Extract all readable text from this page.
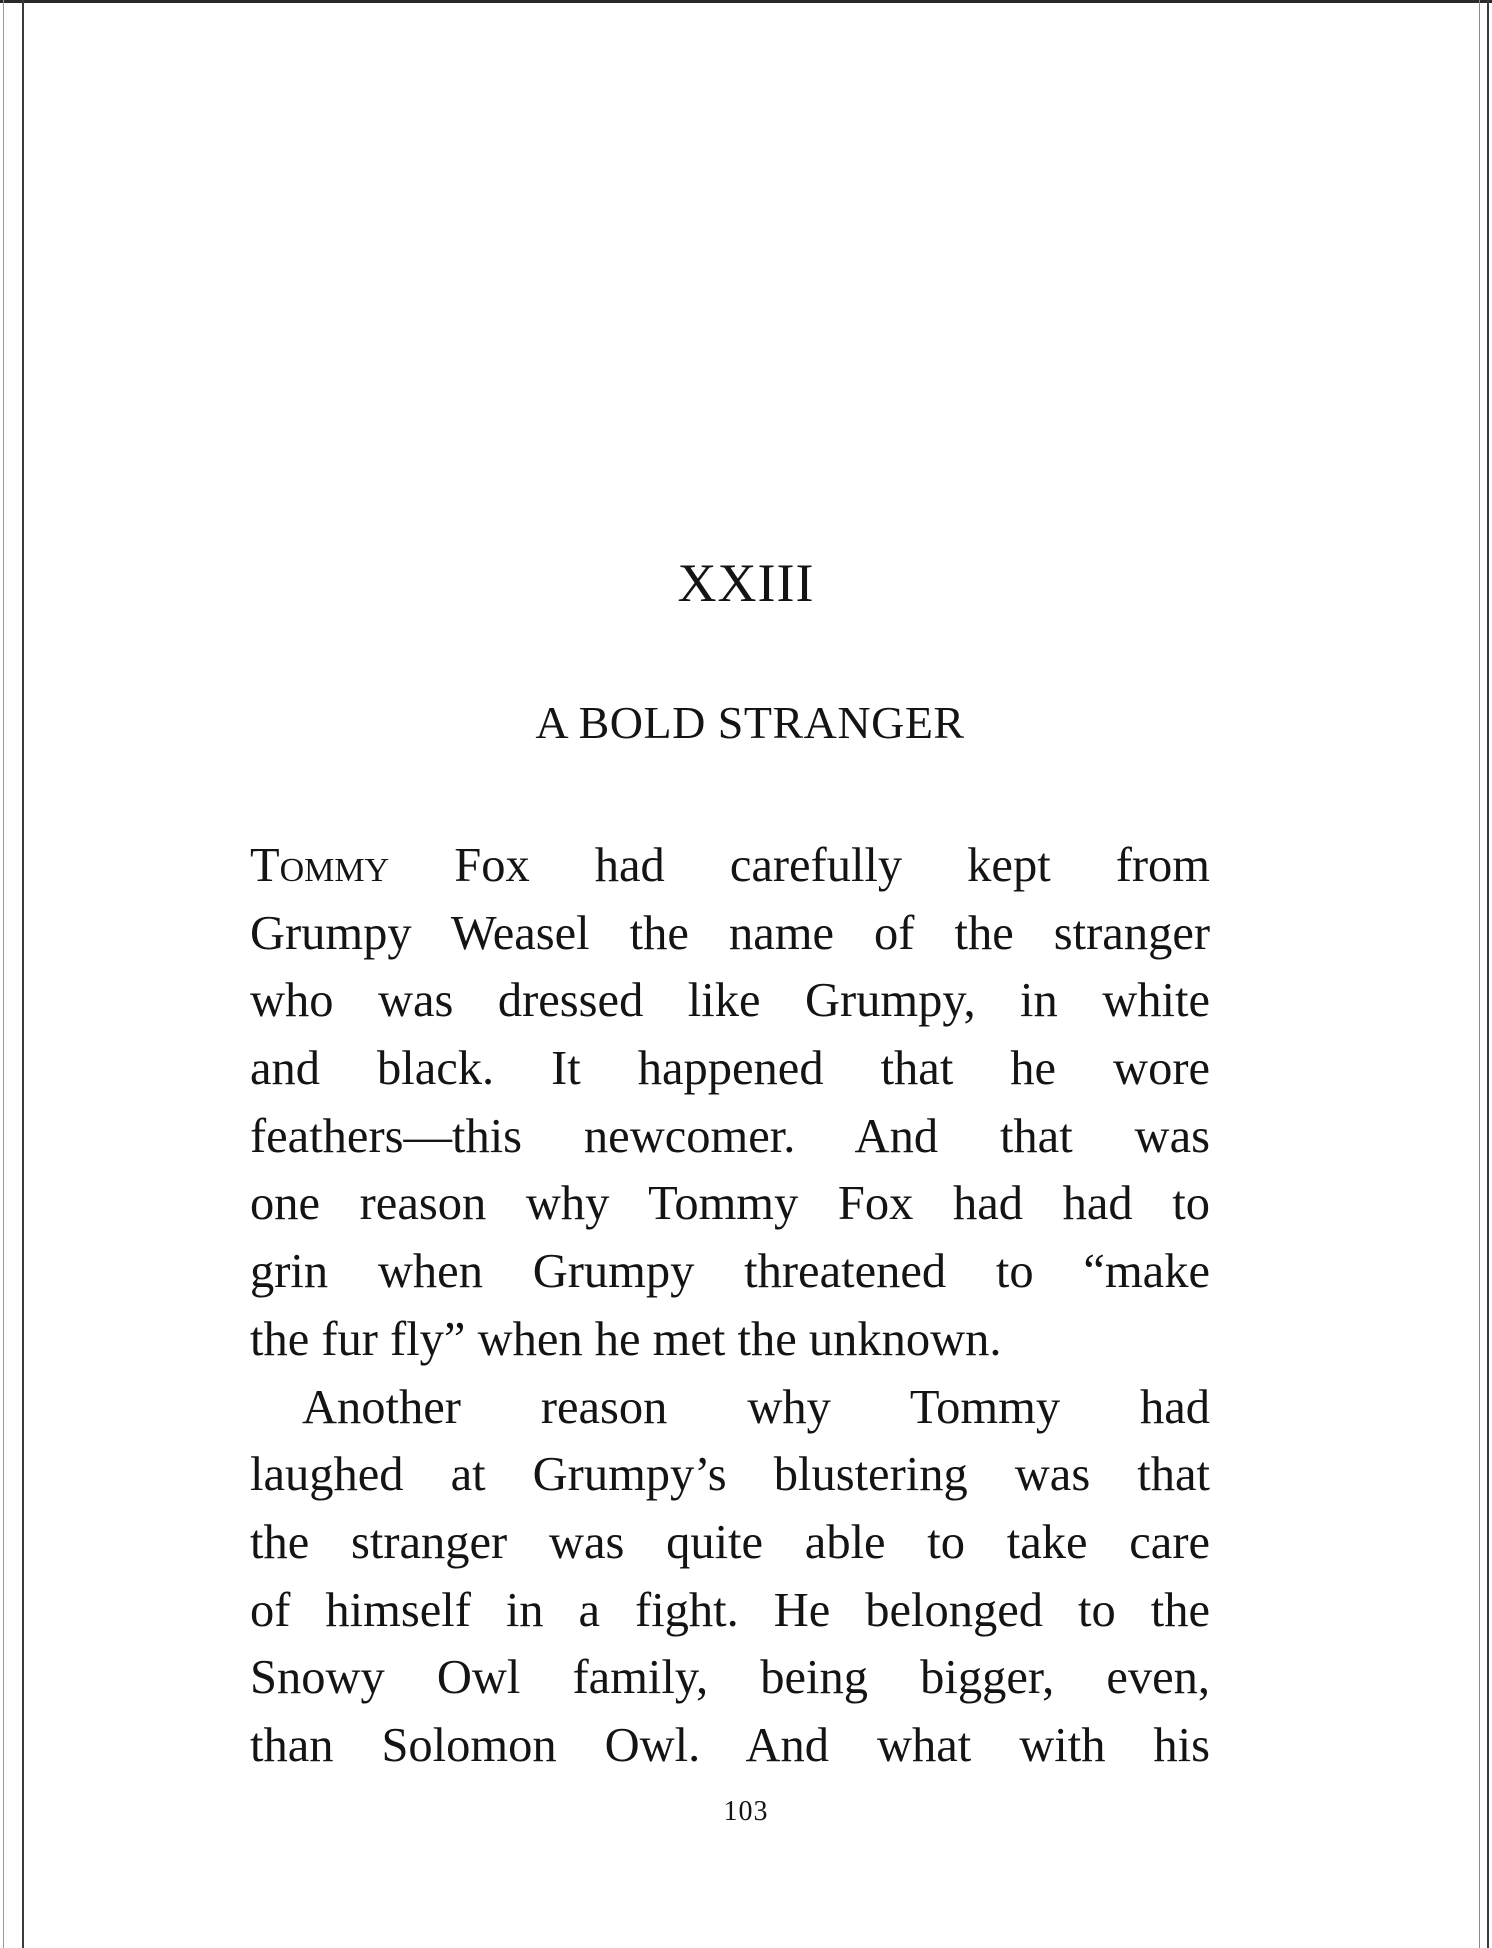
XXIII
A BOLD STRANGER
Tommy Fox had carefully kept from
Grumpy Weasel the name of the stranger
who was dressed like Grumpy, in white
and black. It happened that he wore
feathers—this newcomer. And that was
one reason why Tommy Fox had had to
grin when Grumpy threatened to “make
the fur fly” when he met the unknown.
Another reason why Tommy had
laughed at Grumpy’s blustering was that
the stranger was quite able to take care
of himself in a fight. He belonged to the
Snowy Owl family, being bigger, even,
than Solomon Owl. And what with his
103
